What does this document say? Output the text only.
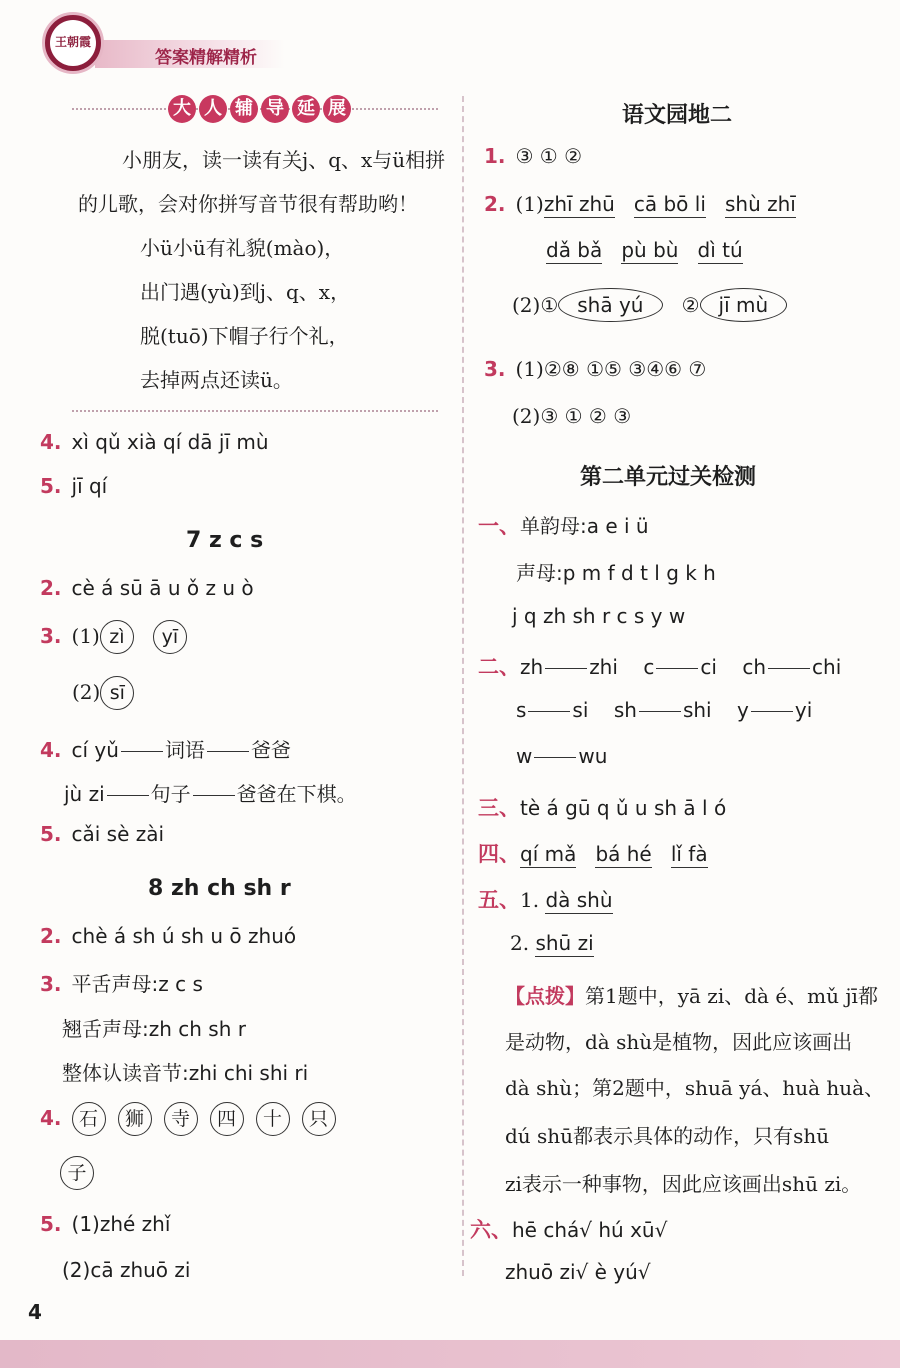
王朝霞
答案精解精析
大 人 辅 导 延 展
小朋友，读一读有关j、q、x与ü相拼
的儿歌，会对你拼写音节很有帮助哟！
小ü小ü有礼貌(mào)，
出门遇(yù)到j、q、x，
脱(tuō)下帽子行个礼，
去掉两点还读ü。
4. xì qǔ xià qí dā jī mù
5. jī qí
7 z c s
2. cè á sū ā u ǒ z u ò
3. (1) zì yī
(2) sī
4. cí yǔ 词语 爸爸
jù zi 句子 爸爸在下棋。
5. cǎi sè zài
8 zh ch sh r
2. chè á sh ú sh u ō zhuó
3. 平舌声母:z c s
翘舌声母:zh ch sh r
整体认读音节:zhi chi shi ri
4. 石 狮 寺 四 十 只
子
5. (1)zhé zhǐ
(2)cā zhuō zi
4
语文园地二
1. ③ ① ②
2. (1)zhī zhū cā bō li shù zhī
dǎ bǎ pù bù dì tú
(2)① shā yú ② jī mù
3. (1)②⑧ ①⑤ ③④⑥ ⑦
(2)③ ① ② ③
第二单元过关检测
一、单韵母:a e i ü
声母:p m f d t l g k h
j q zh sh r c s y w
二、zh zhi c ci ch chi
s si sh shi y yi
w wu
三、tè á gū q ǔ u sh ā l ó
四、qí mǎ bá hé lǐ fà
五、1. dà shù
2. shū zi
【点拨】第1题中，yā zi、dà é、mǔ jī都
是动物，dà shù是植物，因此应该画出
dà shù；第2题中，shuā yá、huà huà、
dú shū都表示具体的动作，只有shū
zi表示一种事物，因此应该画出shū zi。
六、hē chá√ hú xū√
zhuō zi√ è yú√
